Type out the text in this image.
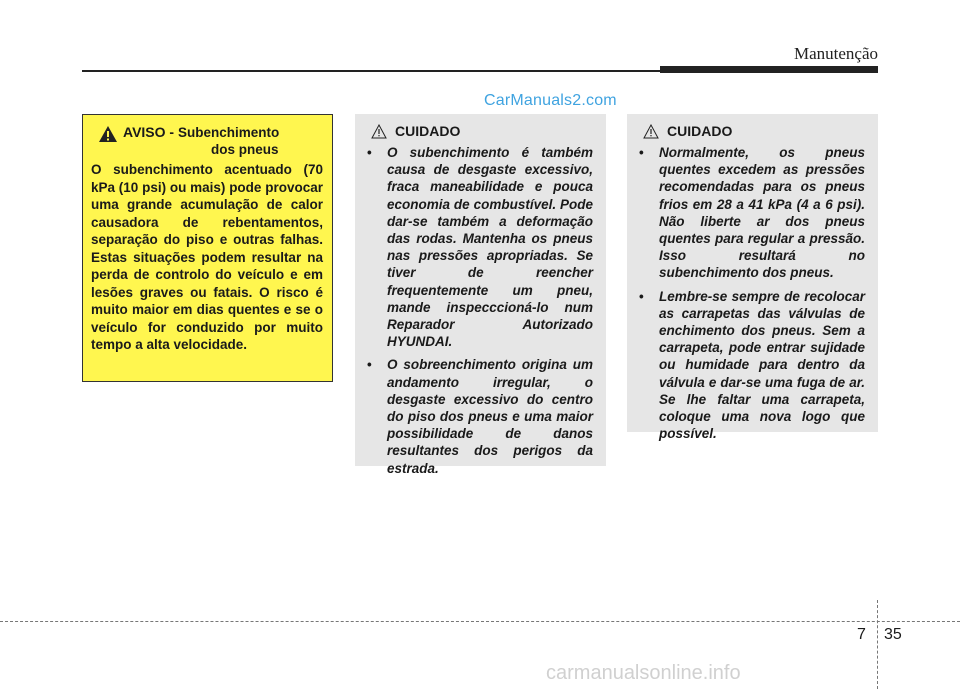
Manutenção
CarManuals2.com
AVISO - Subenchimento
dos pneus
O subenchimento acentuado (70 kPa (10 psi) ou mais) pode provocar uma grande acumulação de calor causadora de rebentamentos, separação do piso e outras falhas. Estas situações podem resultar na perda de controlo do veículo e em lesões graves ou fatais. O risco é muito maior em dias quentes e se o veículo for conduzido por muito tempo a alta velocidade.
CUIDADO
• O subenchimento é também causa de desgaste excessivo, fraca maneabilidade e pouca economia de combustível. Pode dar-se também a deformação das rodas. Mantenha os pneus nas pressões apropriadas. Se tiver de reencher frequentemente um pneu, mande inspecccioná-lo num Reparador Autorizado HYUNDAI.
• O sobreenchimento origina um andamento irregular, o desgaste excessivo do centro do piso dos pneus e uma maior possibilidade de danos resultantes dos perigos da estrada.
CUIDADO
• Normalmente, os pneus quentes excedem as pressões recomendadas para os pneus frios em 28 a 41 kPa (4 a 6 psi). Não liberte ar dos pneus quentes para regular a pressão. Isso resultará no subenchimento dos pneus.
• Lembre-se sempre de recolocar as carrapetas das válvulas de enchimento dos pneus. Sem a carrapeta, pode entrar sujidade ou humidade para dentro da válvula e dar-se uma fuga de ar. Se lhe faltar uma carrapeta, coloque uma nova logo que possível.
7 35
carmanualsonline.info
